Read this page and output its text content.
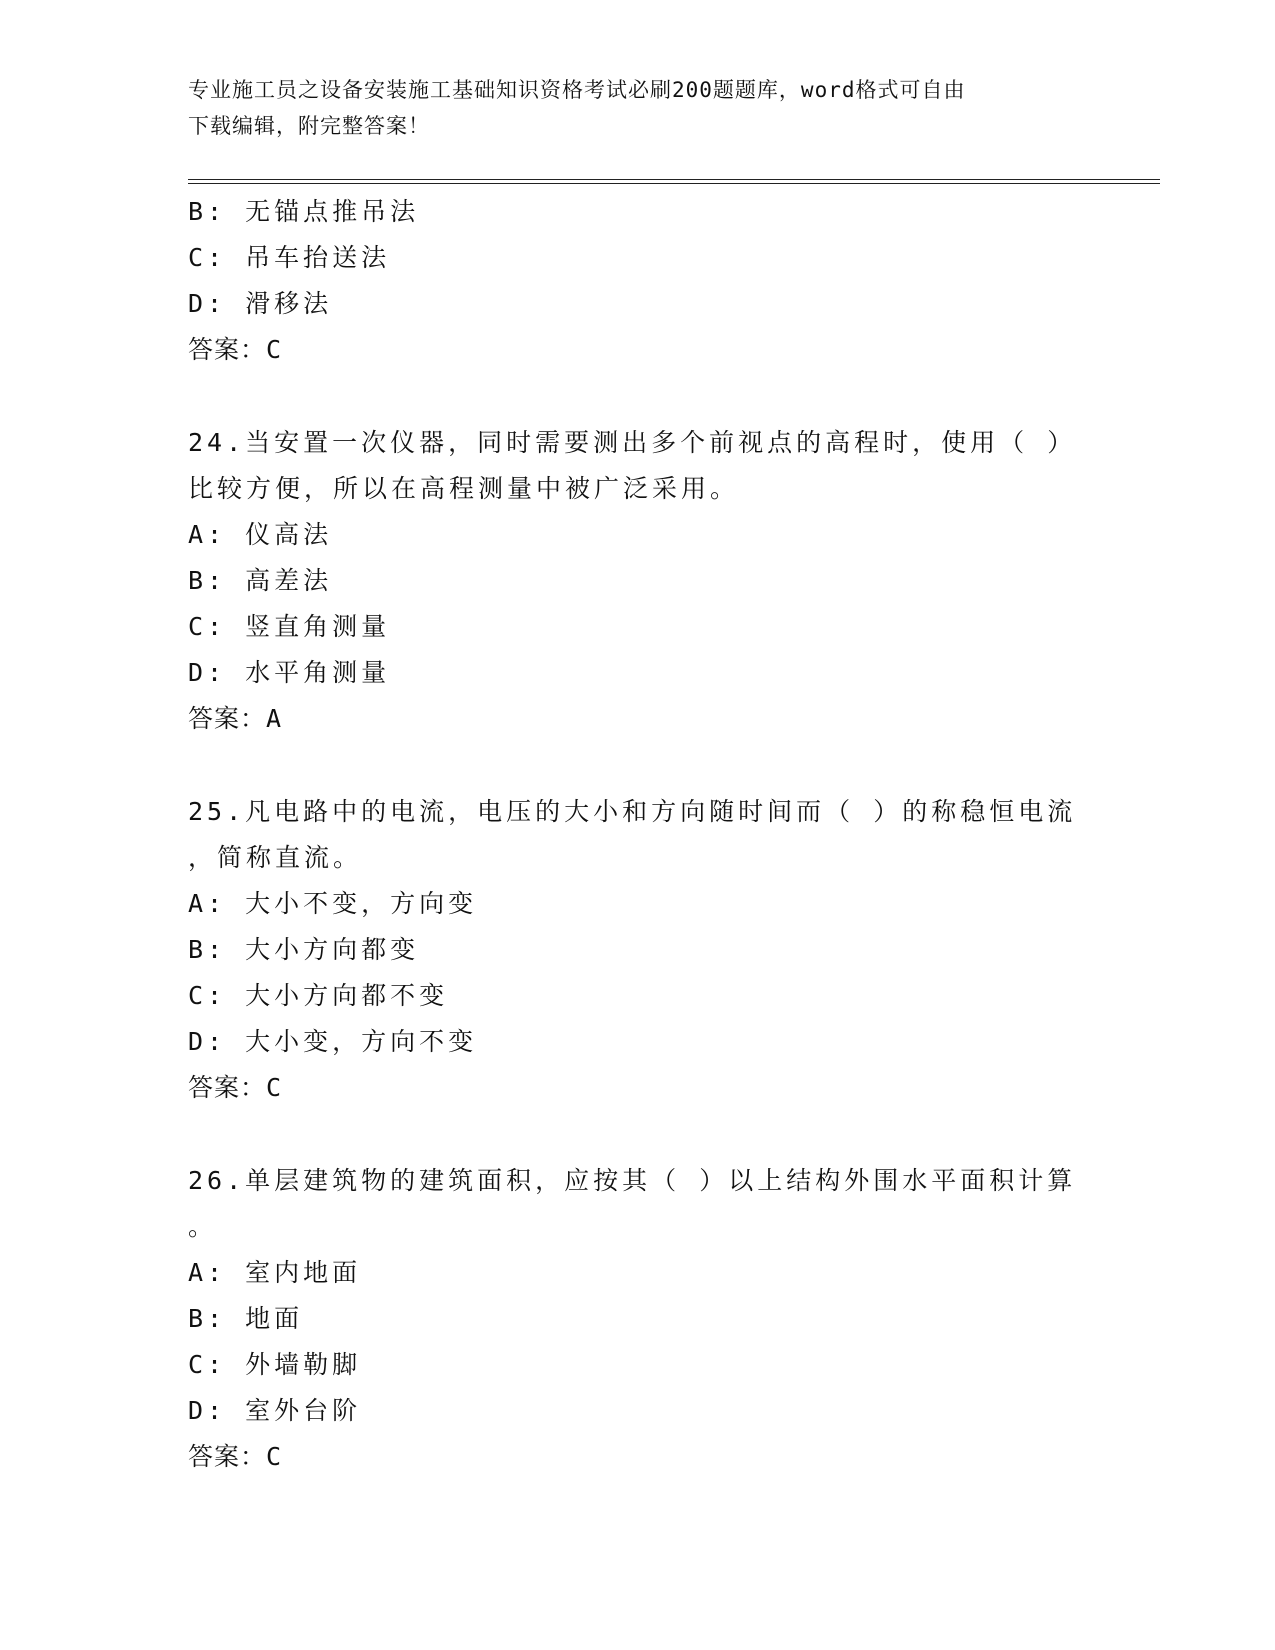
专业施工员之设备安装施工基础知识资格考试必刷200题题库，word格式可自由
下载编辑，附完整答案！
B: 无锚点推吊法
C: 吊车抬送法
D: 滑移法
答案：C
24.当安置一次仪器，同时需要测出多个前视点的高程时，使用（ ）
比较方便，所以在高程测量中被广泛采用。
A: 仪高法
B: 高差法
C: 竖直角测量
D: 水平角测量
答案：A
25.凡电路中的电流，电压的大小和方向随时间而（ ）的称稳恒电流
，简称直流。
A: 大小不变，方向变
B: 大小方向都变
C: 大小方向都不变
D: 大小变，方向不变
答案：C
26.单层建筑物的建筑面积，应按其（ ）以上结构外围水平面积计算
。
A: 室内地面
B: 地面
C: 外墙勒脚
D: 室外台阶
答案：C
